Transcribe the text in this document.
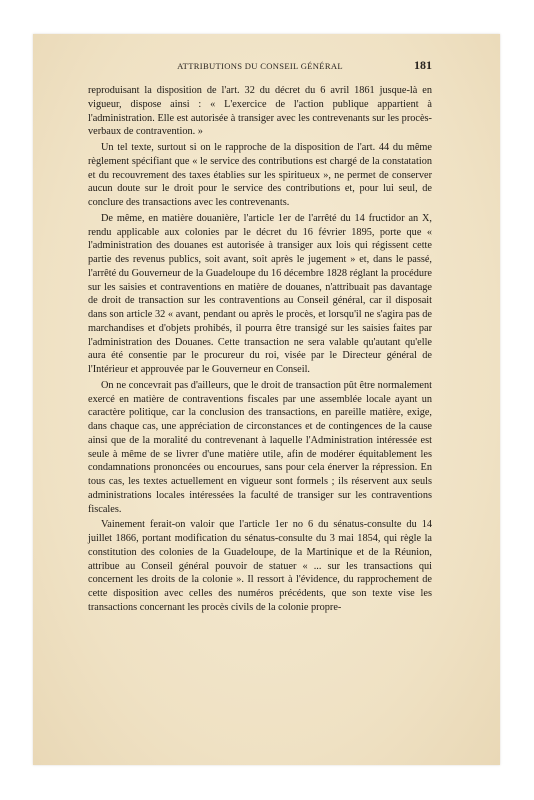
ATTRIBUTIONS DU CONSEIL GÉNÉRAL	181

reproduisant la disposition de l'art. 32 du décret du 6 avril 1861 jusque-là en vigueur, dispose ainsi : « L'exercice de l'action publique appartient à l'administration. Elle est autorisée à transiger avec les contrevenants sur les procès-verbaux de contravention. »

Un tel texte, surtout si on le rapproche de la disposition de l'art. 44 du même règlement spécifiant que « le service des contributions est chargé de la constatation et du recouvrement des taxes établies sur les spiritueux », ne permet de conserver aucun doute sur le droit pour le service des contributions et, pour lui seul, de conclure des transactions avec les contrevenants.

De même, en matière douanière, l'article 1er de l'arrêté du 14 fructidor an X, rendu applicable aux colonies par le décret du 16 février 1895, porte que « l'administration des douanes est autorisée à transiger aux lois qui régissent cette partie des revenus publics, soit avant, soit après le jugement » et, dans le passé, l'arrêté du Gouverneur de la Guadeloupe du 16 décembre 1828 réglant la procédure sur les saisies et contraventions en matière de douanes, n'attribuait pas davantage de droit de transaction sur les contraventions au Conseil général, car il disposait dans son article 32 « avant, pendant ou après le procès, et lorsqu'il ne s'agira pas de marchandises et d'objets prohibés, il pourra être transigé sur les saisies faites par l'administration des Douanes. Cette transaction ne sera valable qu'autant qu'elle aura été consentie par le procureur du roi, visée par le Directeur général de l'Intérieur et approuvée par le Gouverneur en Conseil.

On ne concevrait pas d'ailleurs, que le droit de transaction pût être normalement exercé en matière de contraventions fiscales par une assemblée locale ayant un caractère politique, car la conclusion des transactions, en pareille matière, exige, dans chaque cas, une appréciation de circonstances et de contingences de la cause ainsi que de la moralité du contrevenant à laquelle l'Administration intéressée est seule à même de se livrer d'une matière utile, afin de modérer équitablement les condamnations prononcées ou encourues, sans pour cela énerver la répression. En tous cas, les textes actuellement en vigueur sont formels ; ils réservent aux seuls administrations locales intéressées la faculté de transiger sur les contraventions fiscales.

Vainement ferait-on valoir que l'article 1er no 6 du sénatus-consulte du 14 juillet 1866, portant modification du sénatus-consulte du 3 mai 1854, qui règle la constitution des colonies de la Guadeloupe, de la Martinique et de la Réunion, attribue au Conseil général pouvoir de statuer « ... sur les transactions qui concernent les droits de la colonie ». Il ressort à l'évidence, du rapprochement de cette disposition avec celles des numéros précédents, que son texte vise les transactions concernant les procès civils de la colonie propre-
